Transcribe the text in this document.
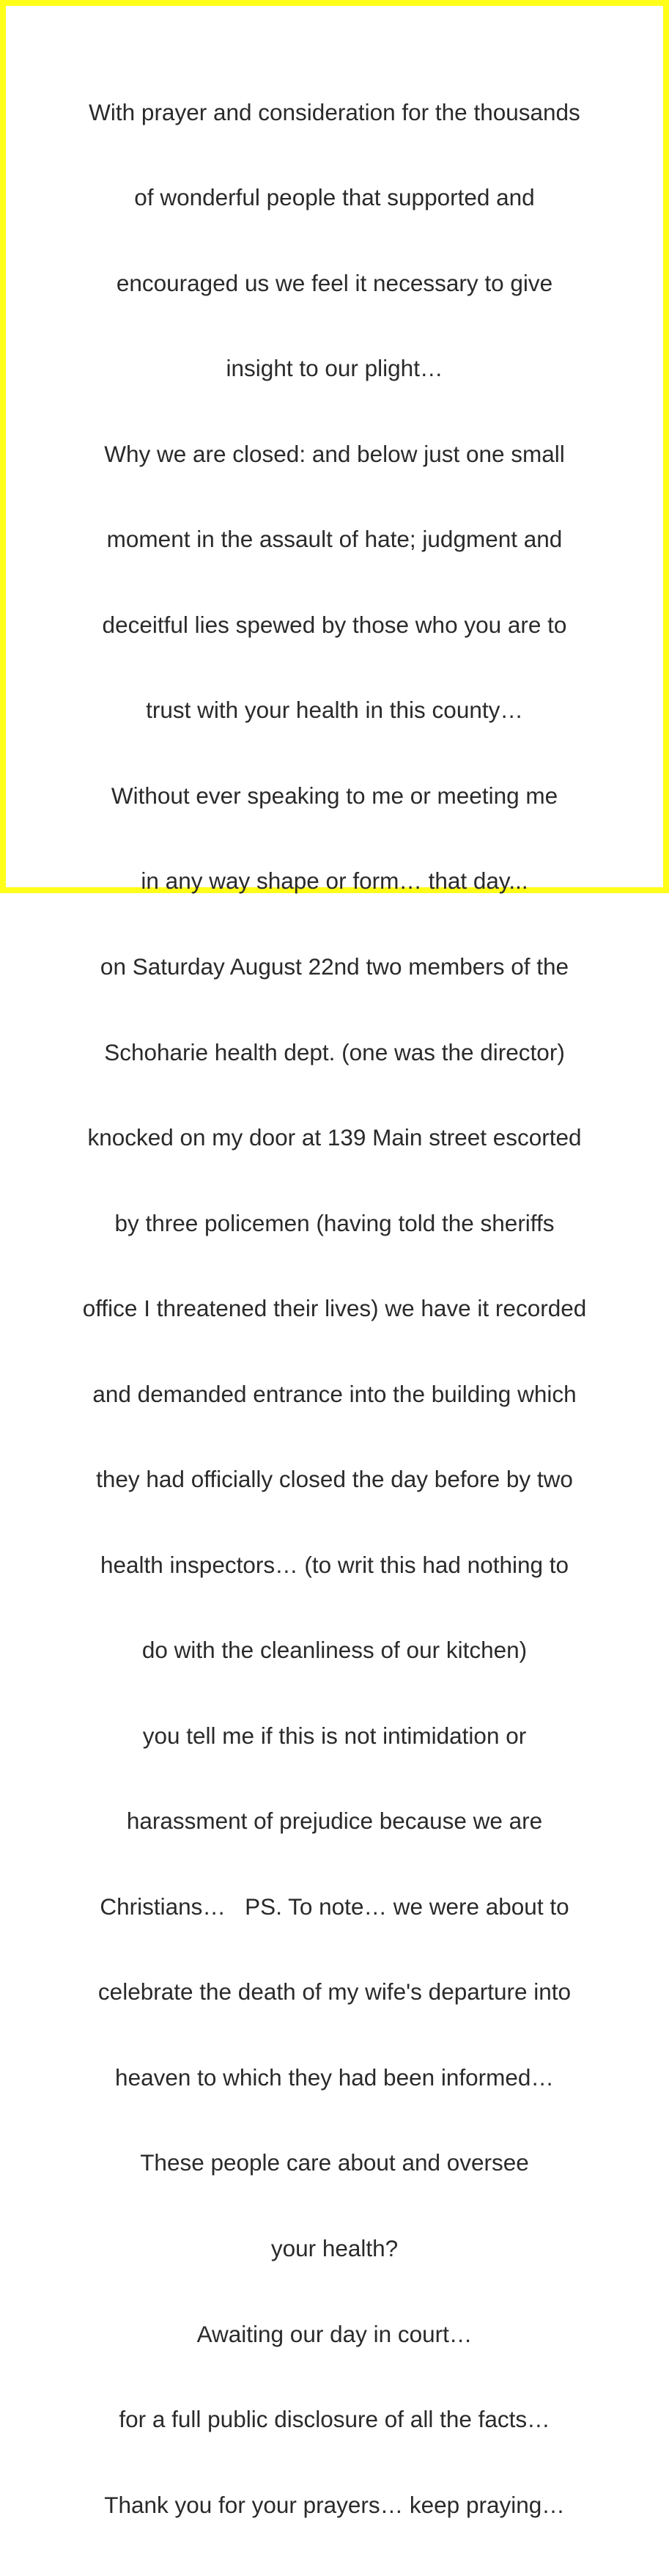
With prayer and consideration for the thousands

of wonderful people that supported and

encouraged us we feel it necessary to give

insight to our plight…

Why we are closed: and below just one small

moment in the assault of hate; judgment and

deceitful lies spewed by those who you are to

trust with your health in this county…

Without ever speaking to me or meeting me

in any way shape or form… that day...

on Saturday August 22nd two members of the

Schoharie health dept. (one was the director)

knocked on my door at 139 Main street escorted

by three policemen (having told the sheriffs

office I threatened their lives) we have it recorded

and demanded entrance into the building which

they had officially closed the day before by two

health inspectors… (to writ this had nothing to

do with the cleanliness of our kitchen)

you tell me if this is not intimidation or

harassment of prejudice because we are

Christians…   PS. To note… we were about to

celebrate the death of my wife's departure into

heaven to which they had been informed…

These people care about and oversee

your health?

Awaiting our day in court…

for a full public disclosure of all the facts…

Thank you for your prayers… keep praying…
